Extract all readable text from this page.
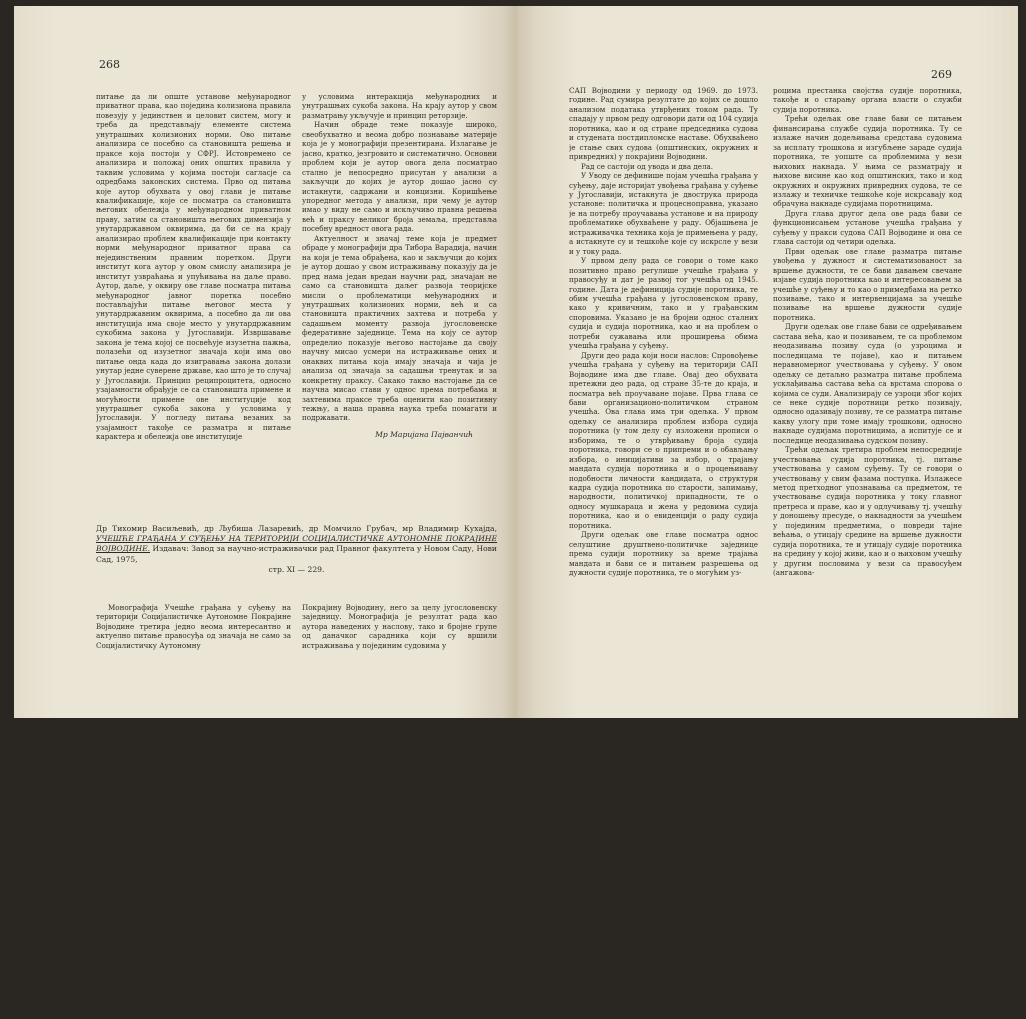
268

питање да ли опште установе међународног приватног права, као поједина колизиона правила повезују у јединствен и целовит систем, могу и треба да представљају елементе система унутрашњих колизионих норми. Ово питање анализира се посебно са становишта решења и праксе која постоји у СФРЈ. Истовремено се анализира и положај оних општих правила у таквим условима у којима постоји сагласје са одредбама законских система. Прво од питања које аутор обухвата у овој глави је питање квалификације, које се посматра са становишта његових обележја у међународном приватном праву, затим са становишта његових димензија у унутардржавном оквирима, да би се на крају анализирао проблем квалификације при контакту норми међународног приватног права са нејединственим правним поретком. Други институт кога аутор у овом смислу анализира је институт узвраћања и упућивања на даље право. Аутор, даље, у оквиру ове главе посматра питања међународног јавног поретка посебно постављајући питање његовог места у унутардржавним оквирима, а посебно да ли ова институција има своје место у унутардржавним сукобима закона у Југославији. Извршавање закона је тема којој се посвећује изузетна пажња, полазећи од изузетног значаја који има ово питање онда када до изигравања закона долази унутар једне суверене државе, као што је то случај у Југославији. Принцип реципроцитета, односно узајамности обрађује се са становишта примене и могућности примене ове институције код унутрашњег сукоба закона у условима у Југославији. У погледу питања везаних за узајамност такође се разматра и питање карактера и обележја ове институције

у условима интеракција међународних и унутрашњих сукоба закона. На крају аутор у свом разматрању укључује и принцип реторзије.

Начин обраде теме показује широко, свеобухватно и веома добро познавање материје која је у монографији презентирана. Излагање је јасно, кратко, језгровито и систематично. Основни проблем који је аутор овога дела посматрао стално је непосредно присутан у анализи а закључци до којих је аутор дошао јасно су истакнути, садржани и концизни. Коришћење упоредног метода у анализи, при чему је аутор имао у виду не само и искључиво правна решења већ и праксу великог броја земаља, представља посебну вредност овога рада.

Актуелност и значај теме која је предмет обраде у монографији дра Тибора Варадија, начин на који је тема обрађена, као и закључци до којих је аутор дошао у свом истраживању показују да је пред нама један вредан научни рад, значајан не само са становишта даљег развоја теоријске мисли о проблематици међународних и унутрашњих колизионих норми, већ и са становишта практичних захтева и потреба у садашњем моменту развоја југословенске федеративне заједнице. Тема на коју се аутор определио показује његово настојање да своју научну мисао усмери на истраживање оних и онаквих питања која имају значаја и чија је анализа од значаја за садашњи тренутак и за конкретну праксу. Сакако такво настојање да се научна мисао стави у однос према потребама и захтевима праксе треба оценити као позитивну тежњу, а наша правна наука треба помагати и подржавати.

Мр Маријана Пајванчић
Др Тихомир Васиљевић, др Љубиша Лазаревић, др Момчило Грубач, мр Владимир Кухаjда, УЧЕШЋЕ ГРАЂАНА У СУЂЕЊУ НА ТЕРИТОРИЈИ СОЦИЈАЛИСТИЧКЕ АУТОНОМНЕ ПОКРАЈИНЕ ВОЈВОДИНЕ. Издавач: Завод за научно-истраживачки рад Правног факултета у Новом Саду, Нови Сад, 1975,
стр. XI — 229.

Монографија Учешће грађана у суђењу на територији Социјалистичке Аутономне Покрајине Војводине третира једно веома интересантно и актуелно питање правосуђа од значаја не само за Социјалистичку Аутономну

Покрајину Војводину, него за целу југословенску заједницу. Монографија је резултат рада као аутора наведених у наслову, тако и бројне групе од даначког сарадника који су вршили истраживања у појединим судовима у

269

САП Војводини у периоду од 1969. до 1973. године. Рад сумира резултате до којих се дошло анализом података утврђених током рада. Ту спадају у првом реду одговори дати од 104 судија поротника, као и од стране председника судова и студената постдипломске наставе. Обухваћено је стање свих судова (општинских, окружних и привредних) у покрајини Војводини.

Рад се састоји од увода и два дела.

У Уводу се дефинише појам учешћа грађана у суђењу, даје историјат увођења грађана у суђење у Југославији, истакнута је двострука природа установе: политичка и процесноправна, указано је на потребу проучавања установе и на природу проблематике обухваћене у раду. Објашњена је истраживачка техника која је примењена у раду, а истакнуте су и тешкоће које су искрсле у вези и у току рада.

У првом делу рада се говори о томе како позитивно право регулише учешће грађана у правосуђу и дат је развој тог учешћа од 1945. године. Дата је дефиниција судије поротника, те обим учешћа грађана у југословенском праву, како у кривичним, тако и у грађанским споровима. Указано је на бројни однос сталних судија и судија поротника, као и на проблем о потреби сужавања или проширења обима учешћа грађана у суђењу.

Други део рада који носи наслов: Спровођење учешћа грађана у суђењу на територији САП Војводине има две главе. Овај део обухвата претежни део рада, од стране 35-те до краја, и посматра већ проучаване појаве. Прва глава се бави организационо-политичком страном учешћа. Ова глава има три одељка. У првом одељку се анализира проблем избора судија поротника (у том делу су изложени прописи о изборима, те о утврђивању броја судија поротника, говори се о припреми и о обављању избора, о иницијативи за избор, о трајању мандата судија поротника и о процењивању подобности личности кандидата, о структури кадра судија поротника по старости, запимању, народности, политичкој припадности, те о односу мушкараца и жена у редовима судија поротника, као и о евиденцији о раду судија поротника.

Други одељак ове главе посматра однос селуштине друштвено-политичке заједнице према судији поротнику за време трајања мандата и бави се и питањем разрешења од дужности судије поротника, те о могућим уз-

роцима престанка својства судије поротника, такође и о старању органа власти о служби судија поротника.

Трећи одељак ове главе бави се питањем финансирања службе судија поротника. Ту се излаже начин додељивања средстава судовима за исплату трошкова и изгубљене зараде судија поротника, те уопште са проблемима у вези њихових накнада. У њима се разматрају и њихове висине као код општинских, тако и код окружних и окружних привредних судова, те се излажу и техничке тешкоће које искрсавају код обрачуна накнаде судијама поротницима.

Друга глава другог дела ове рада бави се функционисањем установе учешћа грађана у суђењу у пракси судова САП Војводине и она се глава састоји од четири одељка.

Први одељак ове главе разматра питање увођења у дужност и систематизованост за вршење дужности, те се бави давањем свечане изјаве судија поротника као и интересовањем за учешће у суђењу и то као о примедбама на ретко позивање, тако и интервенцијама за учешће позивање на вршење дужности судије поротника.

Други одељак ове главе бави се одређивањем састава већа, као и позивањем, те са проблемом неодазивања позиву суда (о узроцима и последицама те појаве), као и питањем неравномерног учествовања у суђењу. У овом одељку се детаљно разматра питање проблема усклађивања састава већа са врстама спорова о којима се суди. Анализирају се узроци због којих се неке судије поротници ретко позивају, односно одазивају позиву, те се разматра питање какву улогу при томе имају трошкови, односно накнаде судијама поротницима, а испитује се и последице неодазивања судском позиву.

Трећи одељак третира проблем непосредније учествовања судија поротника, тј. питање учествовања у самом суђењу. Ту се говори о учествовању у свим фазама поступка. Излажесе метод претходног упознавања са предметом, те учествовање судија поротника у току главног претреса и праве, као и у одлучивању тј. учешћу у доношењу пресуде, о накнадности за учешћем у појединим предметима, о повреди тајне већања, о утицају средине на вршење дужности судија поротника, те и утицају судије поротника на средину у којој живи, као и о њиховом учешћу у другим пословима у вези са правосуђем (ангажова-
